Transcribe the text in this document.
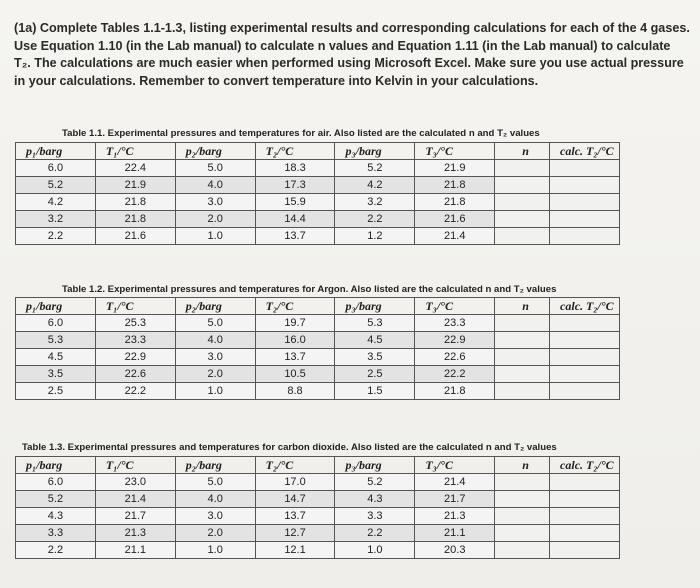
(1a) Complete Tables 1.1-1.3, listing experimental results and corresponding calculations for each of the 4 gases. Use Equation 1.10 (in the Lab manual) to calculate n values and Equation 1.11 (in the Lab manual) to calculate T₂. The calculations are much easier when performed using Microsoft Excel. Make sure you use actual pressure in your calculations. Remember to convert temperature into Kelvin in your calculations.
Table 1.1. Experimental pressures and temperatures for air. Also listed are the calculated n and T₂ values
p₁/barg	T₁/°C	p₂/barg	T₂/°C	p₃/barg	T₃/°C	n	calc. T₂/°C
6.0	22.4	5.0	18.3	5.2	21.9		
5.2	21.9	4.0	17.3	4.2	21.8		
4.2	21.8	3.0	15.9	3.2	21.8		
3.2	21.8	2.0	14.4	2.2	21.6		
2.2	21.6	1.0	13.7	1.2	21.4		
Table 1.2. Experimental pressures and temperatures for Argon. Also listed are the calculated n and T₂ values
p₁/barg	T₁/°C	p₂/barg	T₂/°C	p₃/barg	T₃/°C	n	calc. T₂/°C
6.0	25.3	5.0	19.7	5.3	23.3		
5.3	23.3	4.0	16.0	4.5	22.9		
4.5	22.9	3.0	13.7	3.5	22.6		
3.5	22.6	2.0	10.5	2.5	22.2		
2.5	22.2	1.0	8.8	1.5	21.8		
Table 1.3. Experimental pressures and temperatures for carbon dioxide. Also listed are the calculated n and T₂ values
p₁/barg	T₁/°C	p₂/barg	T₂/°C	p₃/barg	T₃/°C	n	calc. T₂/°C
6.0	23.0	5.0	17.0	5.2	21.4		
5.2	21.4	4.0	14.7	4.3	21.7		
4.3	21.7	3.0	13.7	3.3	21.3		
3.3	21.3	2.0	12.7	2.2	21.1		
2.2	21.1	1.0	12.1	1.0	20.3		
